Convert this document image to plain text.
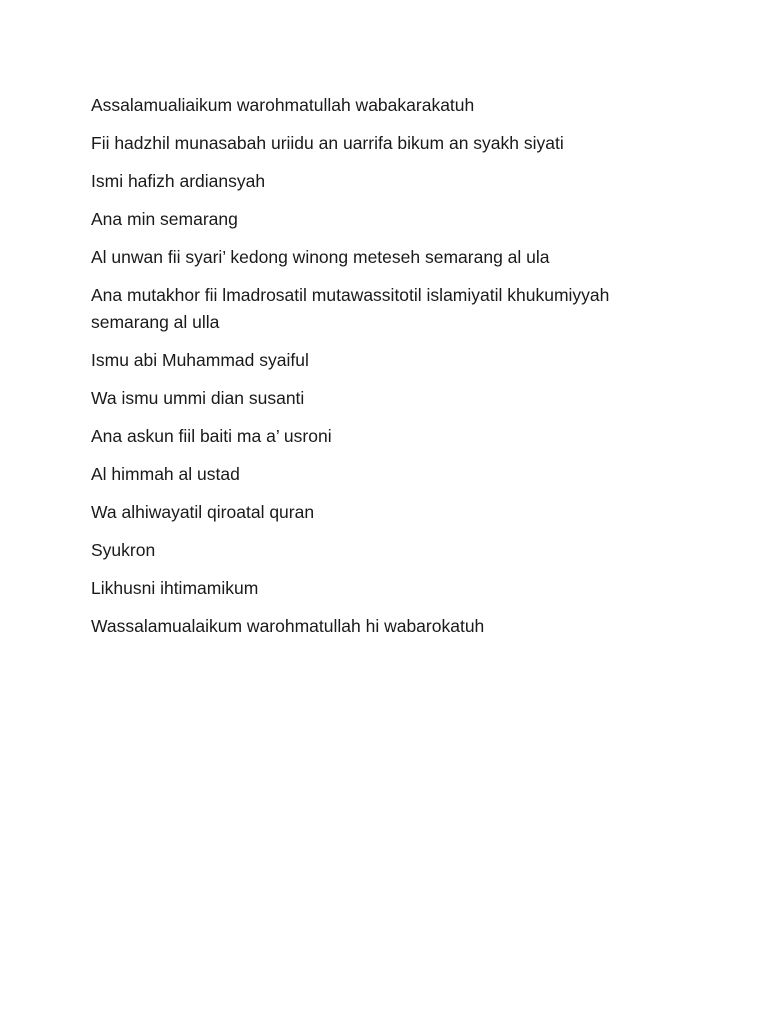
Assalamualiaikum warohmatullah wabakarakatuh

Fii hadzhil munasabah uriidu an uarrifa bikum an syakh siyati

Ismi hafizh ardiansyah

Ana min semarang

Al unwan fii syari’ kedong winong meteseh semarang al ula

Ana mutakhor fii lmadrosatil mutawassitotil islamiyatil khukumiyyah semarang al ulla

Ismu abi Muhammad syaiful

Wa ismu ummi dian susanti

Ana askun fiil baiti ma a’ usroni

Al himmah al ustad

Wa alhiwayatil qiroatal quran

Syukron

Likhusni ihtimamikum

Wassalamualaikum warohmatullah hi wabarokatuh
